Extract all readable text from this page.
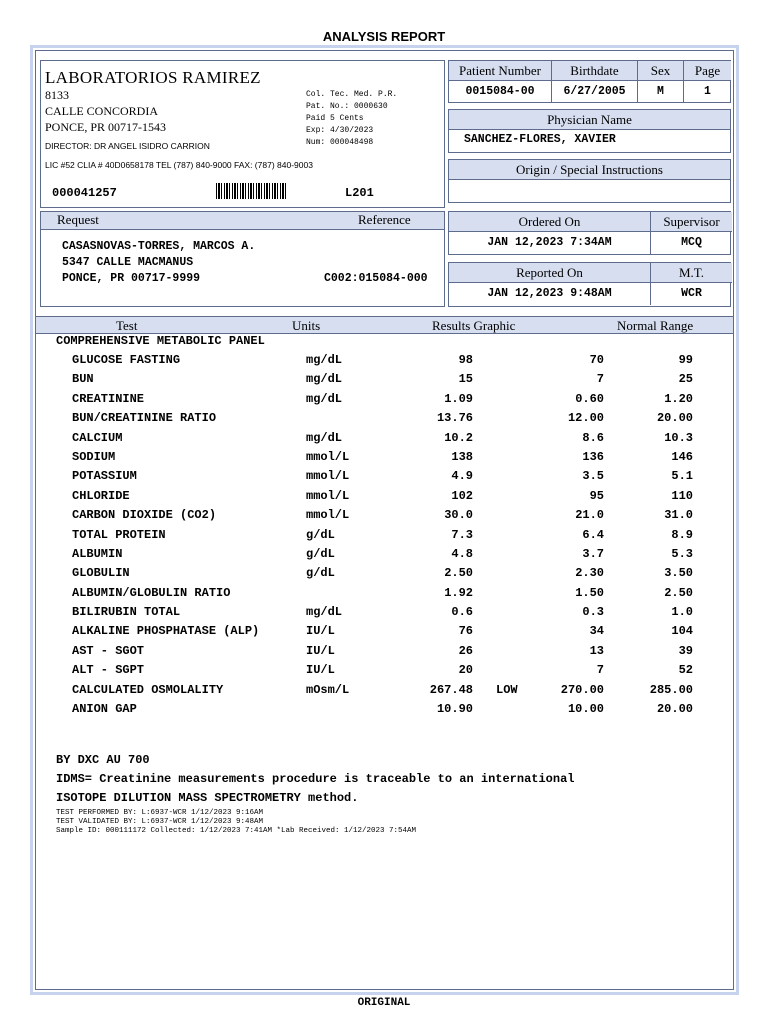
ANALYSIS REPORT
LABORATORIOS RAMIREZ
8133
CALLE CONCORDIA
PONCE, PR 00717-1543
DIRECTOR: DR ANGEL ISIDRO CARRION
Col. Tec. Med. P.R.
Pat. No.: 0000630
Paid 5 Cents
Exp: 4/30/2023
Num: 000048498
LIC #52 CLIA # 40D0658178 TEL (787) 840-9000 FAX: (787) 840-9003
000041257	L201
Patient Number	Birthdate	Sex	Page
0015084-00	6/27/2005	M	1
Physician Name
SANCHEZ-FLORES, XAVIER
Origin / Special Instructions
Request	Reference
CASASNOVAS-TORRES, MARCOS A.
5347 CALLE MACMANUS
PONCE, PR 00717-9999	C002:015084-000
Ordered On	Supervisor
JAN 12,2023 7:34AM	MCQ
Reported On	M.T.
JAN 12,2023 9:48AM	WCR
Test	Units	Results Graphic	Normal Range
COMPREHENSIVE METABOLIC PANEL
GLUCOSE FASTING	mg/dL	98	70	99
BUN	mg/dL	15	7	25
CREATININE	mg/dL	1.09	0.60	1.20
BUN/CREATININE RATIO	13.76	12.00	20.00
CALCIUM	mg/dL	10.2	8.6	10.3
SODIUM	mmol/L	138	136	146
POTASSIUM	mmol/L	4.9	3.5	5.1
CHLORIDE	mmol/L	102	95	110
CARBON DIOXIDE (CO2)	mmol/L	30.0	21.0	31.0
TOTAL PROTEIN	g/dL	7.3	6.4	8.9
ALBUMIN	g/dL	4.8	3.7	5.3
GLOBULIN	g/dL	2.50	2.30	3.50
ALBUMIN/GLOBULIN RATIO	1.92	1.50	2.50
BILIRUBIN TOTAL	mg/dL	0.6	0.3	1.0
ALKALINE PHOSPHATASE (ALP)	IU/L	76	34	104
AST - SGOT	IU/L	26	13	39
ALT - SGPT	IU/L	20	7	52
CALCULATED OSMOLALITY	mOsm/L	267.48 LOW	270.00	285.00
ANION GAP	10.90	10.00	20.00
BY DXC AU 700
IDMS= Creatinine measurements procedure is traceable to an international
ISOTOPE DILUTION MASS SPECTROMETRY method.
TEST PERFORMED BY: L:6937-WCR 1/12/2023 9:16AM
TEST VALIDATED BY: L:6937-WCR 1/12/2023 9:48AM
Sample ID: 000111172 Collected: 1/12/2023 7:41AM *Lab Received: 1/12/2023 7:54AM
ORIGINAL
